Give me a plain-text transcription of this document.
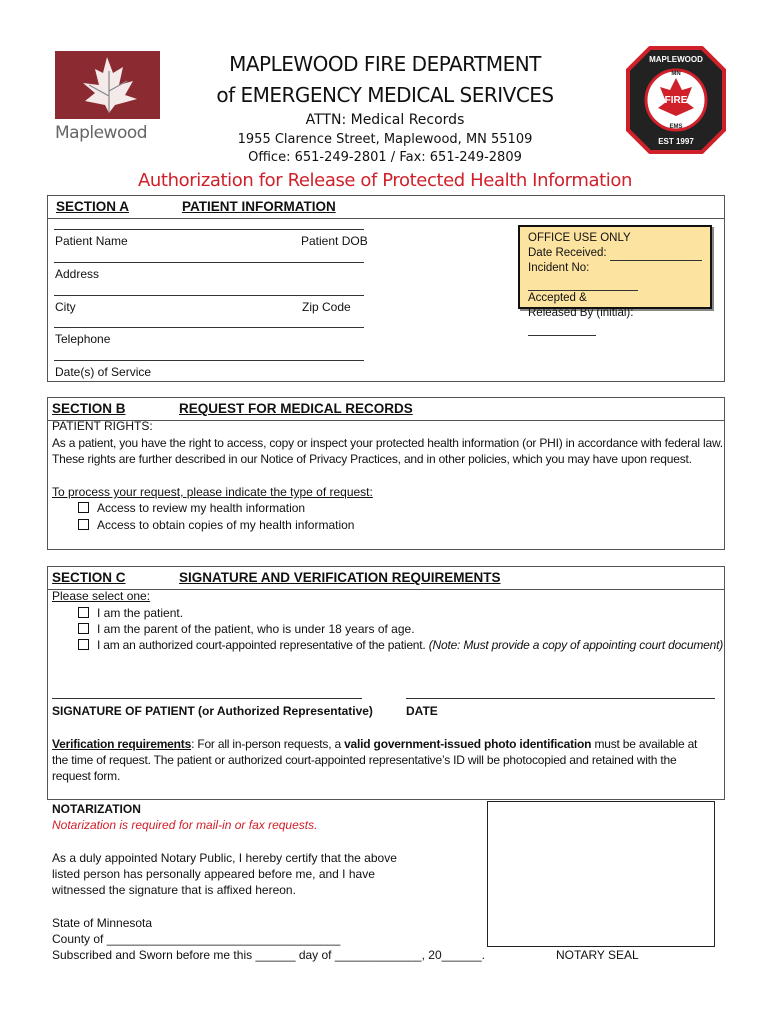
Maplewood
FIRE
MAPLEWOOD
MN
EMS
EST 1997
MAPLEWOOD FIRE DEPARTMENT
of EMERGENCY MEDICAL SERIVCES
ATTN: Medical Records
1955 Clarence Street, Maplewood, MN 55109
Office: 651-249-2801 / Fax: 651-249-2809
Authorization for Release of Protected Health Information
SECTION A	PATIENT INFORMATION
Patient Name	Patient DOB
Address
City	Zip Code
Telephone
Date(s) of Service
OFFICE USE ONLY
Date Received:
Incident No:
Accepted &
Released By (initial):
SECTION B	REQUEST FOR MEDICAL RECORDS
PATIENT RIGHTS:
As a patient, you have the right to access, copy or inspect your protected health information (or PHI) in accordance with federal law.
These rights are further described in our Notice of Privacy Practices, and in other policies, which you may have upon request.
To process your request, please indicate the type of request:
Access to review my health information
Access to obtain copies of my health information
SECTION C	SIGNATURE AND VERIFICATION REQUIREMENTS
Please select one:
I am the patient.
I am the parent of the patient, who is under 18 years of age.
I am an authorized court-appointed representative of the patient. (Note: Must provide a copy of appointing court document)
SIGNATURE OF PATIENT (or Authorized Representative)	DATE
Verification requirements: For all in-person requests, a valid government-issued photo identification must be available at the time of request. The patient or authorized court-appointed representative’s ID will be photocopied and retained with the request form.
NOTARIZATION
Notarization is required for mail-in or fax requests.
As a duly appointed Notary Public, I hereby certify that the above
listed person has personally appeared before me, and I have
witnessed the signature that is affixed hereon.
State of Minnesota
County of ___________________________________
Subscribed and Sworn before me this ______ day of _____________, 20______.	NOTARY SEAL
